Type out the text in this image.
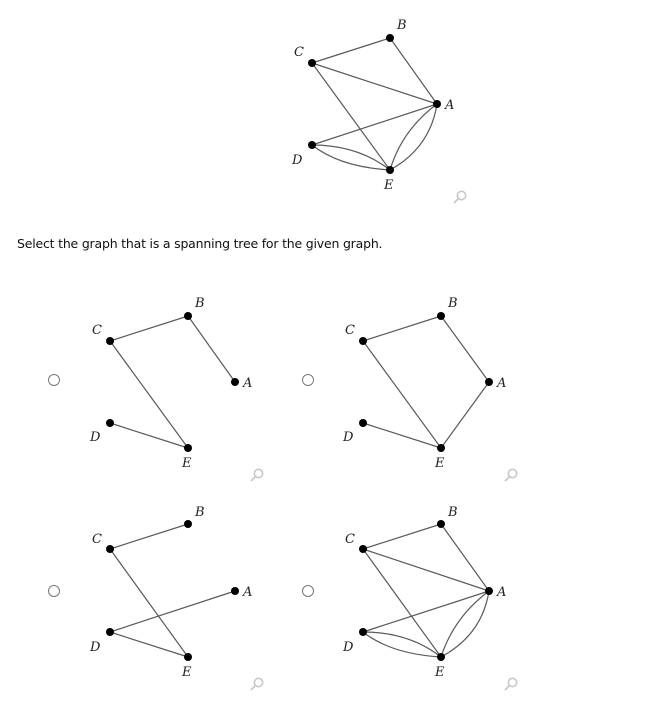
B
C
A
D
E
B
C
A
D
E
B
C
A
D
E
B
C
A
D
E
B
C
A
D
E
Select the graph that is a spanning tree for the given graph.
